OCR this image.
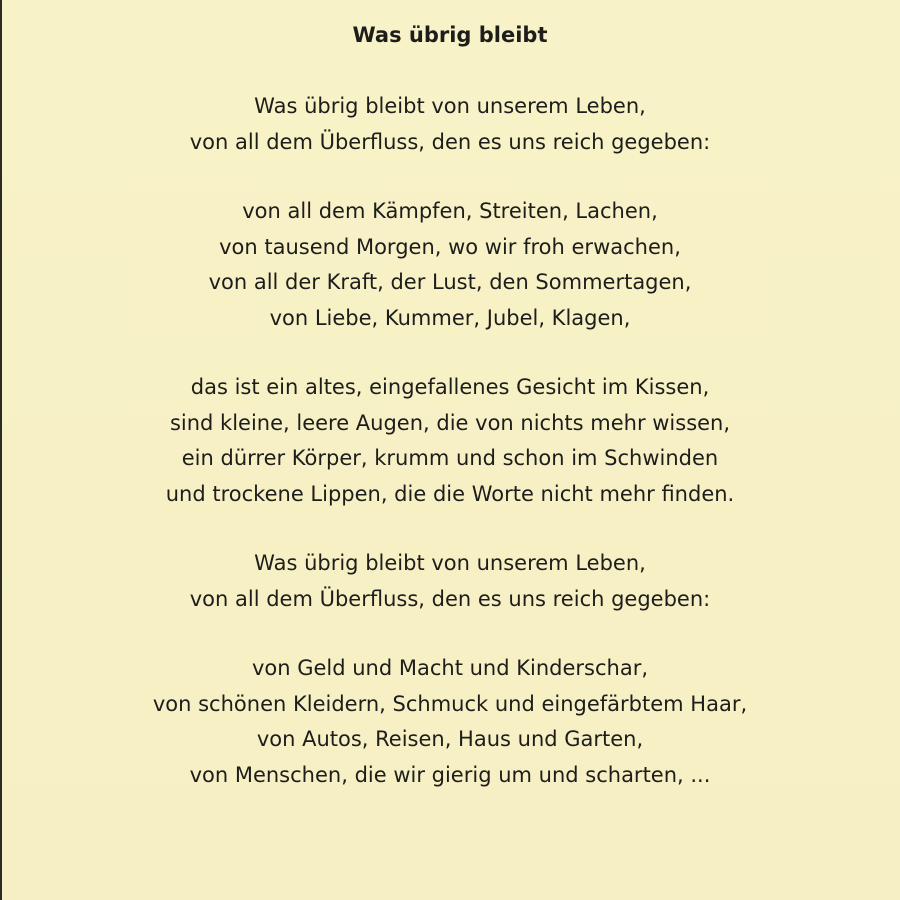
Was übrig bleibt
Was übrig bleibt von unserem Leben,
von all dem Überfluss, den es uns reich gegeben:
von all dem Kämpfen, Streiten, Lachen,
von tausend Morgen, wo wir froh erwachen,
von all der Kraft, der Lust, den Sommertagen,
von Liebe, Kummer, Jubel, Klagen,
das ist ein altes, eingefallenes Gesicht im Kissen,
sind kleine, leere Augen, die von nichts mehr wissen,
ein dürrer Körper, krumm und schon im Schwinden
und trockene Lippen, die die Worte nicht mehr finden.
Was übrig bleibt von unserem Leben,
von all dem Überfluss, den es uns reich gegeben:
von Geld und Macht und Kinderschar,
von schönen Kleidern, Schmuck und eingefärbtem Haar,
von Autos, Reisen, Haus und Garten,
von Menschen, die wir gierig um und scharten, ...
